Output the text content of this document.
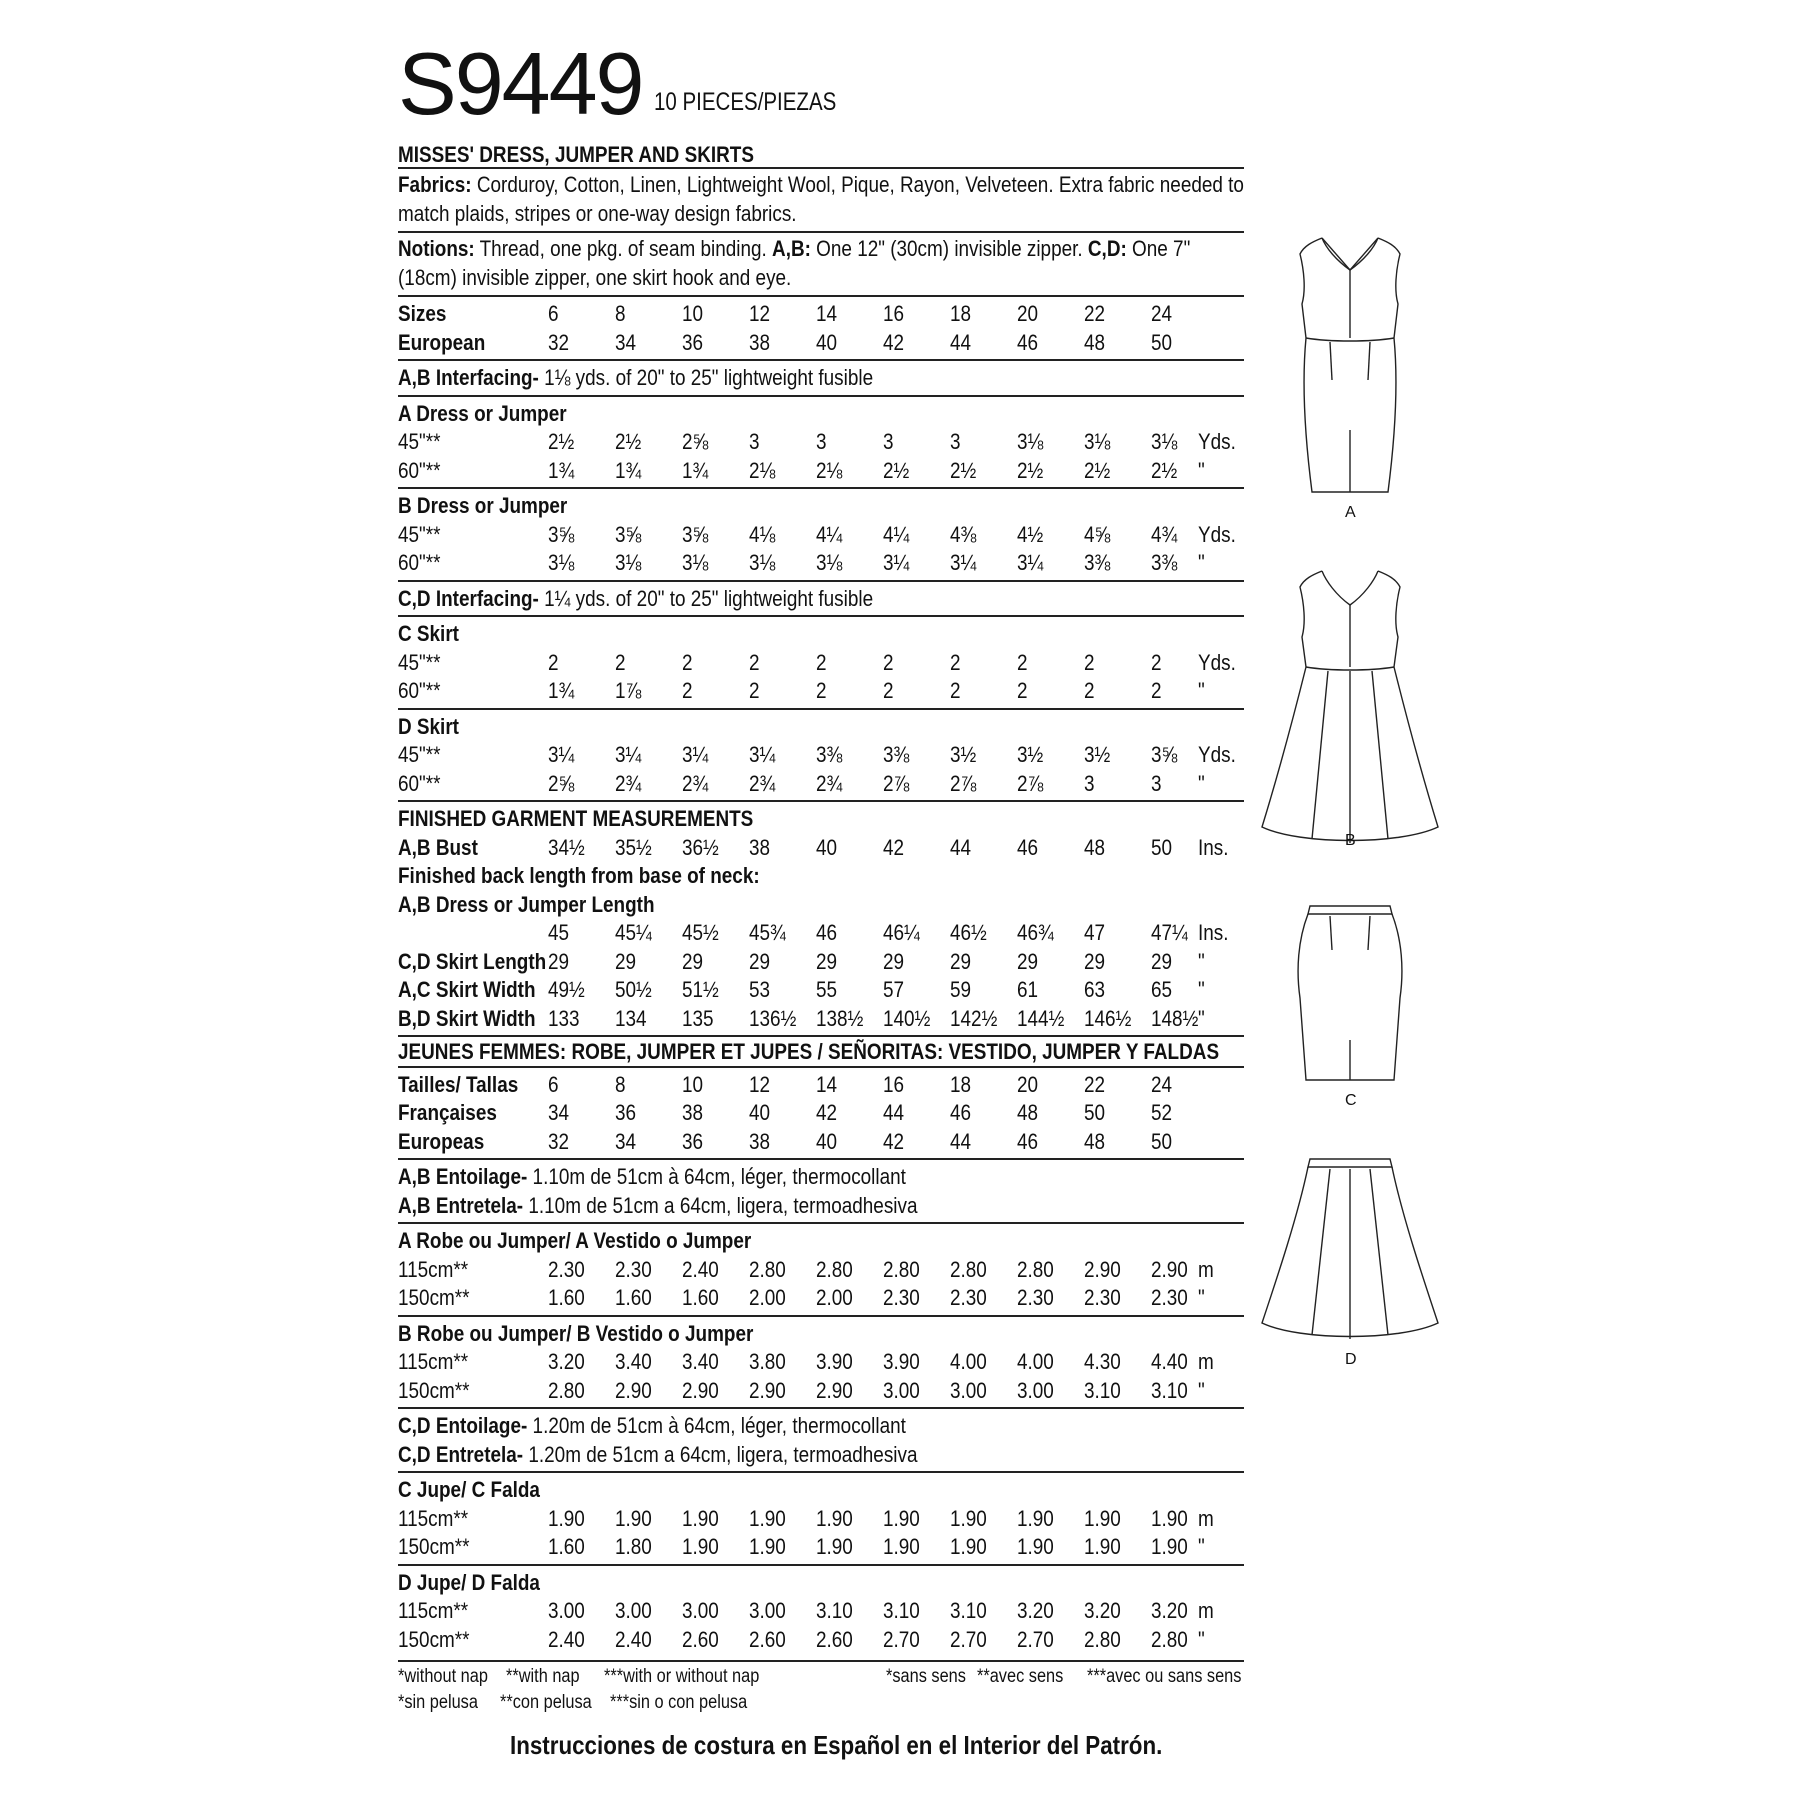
S9449 10 PIECES/PIEZAS
MISSES' DRESS, JUMPER AND SKIRTS
Fabrics: Corduroy, Cotton, Linen, Lightweight Wool, Pique, Rayon, Velveteen. Extra fabric needed to match plaids, stripes or one-way design fabrics.
Notions: Thread, one pkg. of seam binding. A,B: One 12" (30cm) invisible zipper. C,D: One 7" (18cm) invisible zipper, one skirt hook and eye.
Sizes	6	8	10 12 14 16 18 20 22 24
European	32 34 36 38 40 42 44 46 48 50
A,B Interfacing- 1⅛ yds. of 20" to 25" lightweight fusible
A Dress or Jumper
45"**	2½ 2½ 2⅝ 3	3	3	3	3⅛ 3⅛ 3⅛ Yds.
60"**	1¾ 1¾ 1¾ 2⅛ 2⅛ 2½ 2½ 2½ 2½ 2½ "
B Dress or Jumper
45"**	3⅝ 3⅝ 3⅝ 4⅛ 4¼ 4¼ 4⅜ 4½ 4⅝ 4¾ Yds.
60"**	3⅛ 3⅛ 3⅛ 3⅛ 3⅛ 3¼ 3¼ 3¼ 3⅜ 3⅜ "
C,D Interfacing- 1¼ yds. of 20" to 25" lightweight fusible
C Skirt
45"**	2	2	2	2	2	2	2	2	2	2 Yds.
60"**	1¾ 1⅞ 2	2	2	2	2	2	2	2 "
D Skirt
45"**	3¼ 3¼ 3¼ 3¼ 3⅜ 3⅜ 3½ 3½ 3½ 3⅝ Yds.
60"**	2⅝ 2¾ 2¾ 2¾ 2¾ 2⅞ 2⅞ 2⅞ 3	3 "
FINISHED GARMENT MEASUREMENTS
A,B Bust	34½ 35½ 36½ 38 40 42 44 46 48 50 Ins.
Finished back length from base of neck:
A,B Dress or Jumper Length
45 45¼ 45½ 45¾ 46 46¼ 46½ 46¾ 47 47¼ Ins.
C,D Skirt Length 29 29 29 29 29 29 29 29 29 29 "
A,C Skirt Width 49½ 50½ 51½ 53 55 57 59 61 63 65 "
B,D Skirt Width 133 134 135 136½ 138½ 140½ 142½ 144½ 146½ 148½ "
JEUNES FEMMES: ROBE, JUMPER ET JUPES / SEÑORITAS: VESTIDO, JUMPER Y FALDAS
Tailles/ Tallas 6	8	10 12 14 16 18 20 22 24
Françaises 34 36 38 40 42 44 46 48 50 52
Europeas	32 34 36 38 40 42 44 46 48 50
A,B Entoilage- 1.10m de 51cm à 64cm, léger, thermocollant
A,B Entretela- 1.10m de 51cm a 64cm, ligera, termoadhesiva
A Robe ou Jumper/ A Vestido o Jumper
115cm**	2.30 2.30 2.40 2.80 2.80 2.80 2.80 2.80 2.90 2.90 m
150cm**	1.60 1.60 1.60 2.00 2.00 2.30 2.30 2.30 2.30 2.30 "
B Robe ou Jumper/ B Vestido o Jumper
115cm**	3.20 3.40 3.40 3.80 3.90 3.90 4.00 4.00 4.30 4.40 m
150cm**	2.80 2.90 2.90 2.90 2.90 3.00 3.00 3.00 3.10 3.10 "
C,D Entoilage- 1.20m de 51cm à 64cm, léger, thermocollant
C,D Entretela- 1.20m de 51cm a 64cm, ligera, termoadhesiva
C Jupe/ C Falda
115cm**	1.90 1.90 1.90 1.90 1.90 1.90 1.90 1.90 1.90 1.90 m
150cm**	1.60 1.80 1.90 1.90 1.90 1.90 1.90 1.90 1.90 1.90 "
D Jupe/ D Falda
115cm**	3.00 3.00 3.00 3.00 3.10 3.10 3.10 3.20 3.20 3.20 m
150cm**	2.40 2.40 2.60 2.60 2.60 2.70 2.70 2.70 2.80 2.80 "
*without nap **with nap ***with or without nap	*sans sens **avec sens ***avec ou sans sens
*sin pelusa **con pelusa ***sin o con pelusa
Instrucciones de costura en Español en el Interior del Patrón.
A
B
C
D
